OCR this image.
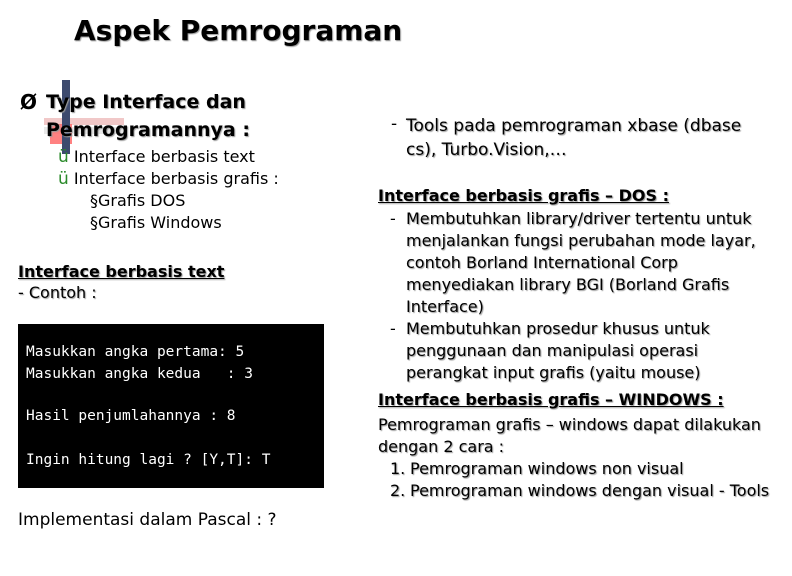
Aspek Pemrograman
Ø Type Interface dan
Pemrogramannya :
ü Interface berbasis text
ü Interface berbasis grafis :
§Grafis DOS
§Grafis Windows
Interface berbasis text
- Contoh :
Masukkan angka pertama: 5
Masukkan angka kedua   : 3
Hasil penjumlahannya : 8
Ingin hitung lagi ? [Y,T]: T
Implementasi dalam Pascal : ?
- Tools pada pemrograman xbase (dbase cs), Turbo.Vision,…
Interface berbasis grafis – DOS :
- Membutuhkan library/driver tertentu untuk menjalankan fungsi perubahan mode layar, contoh Borland International Corp menyediakan library BGI (Borland Grafis Interface)
- Membutuhkan prosedur khusus untuk penggunaan dan manipulasi operasi perangkat input grafis (yaitu mouse)
Interface berbasis grafis – WINDOWS :
Pemrograman grafis – windows dapat dilakukan dengan 2 cara :
1. Pemrograman windows non visual
2. Pemrograman windows dengan visual - Tools
